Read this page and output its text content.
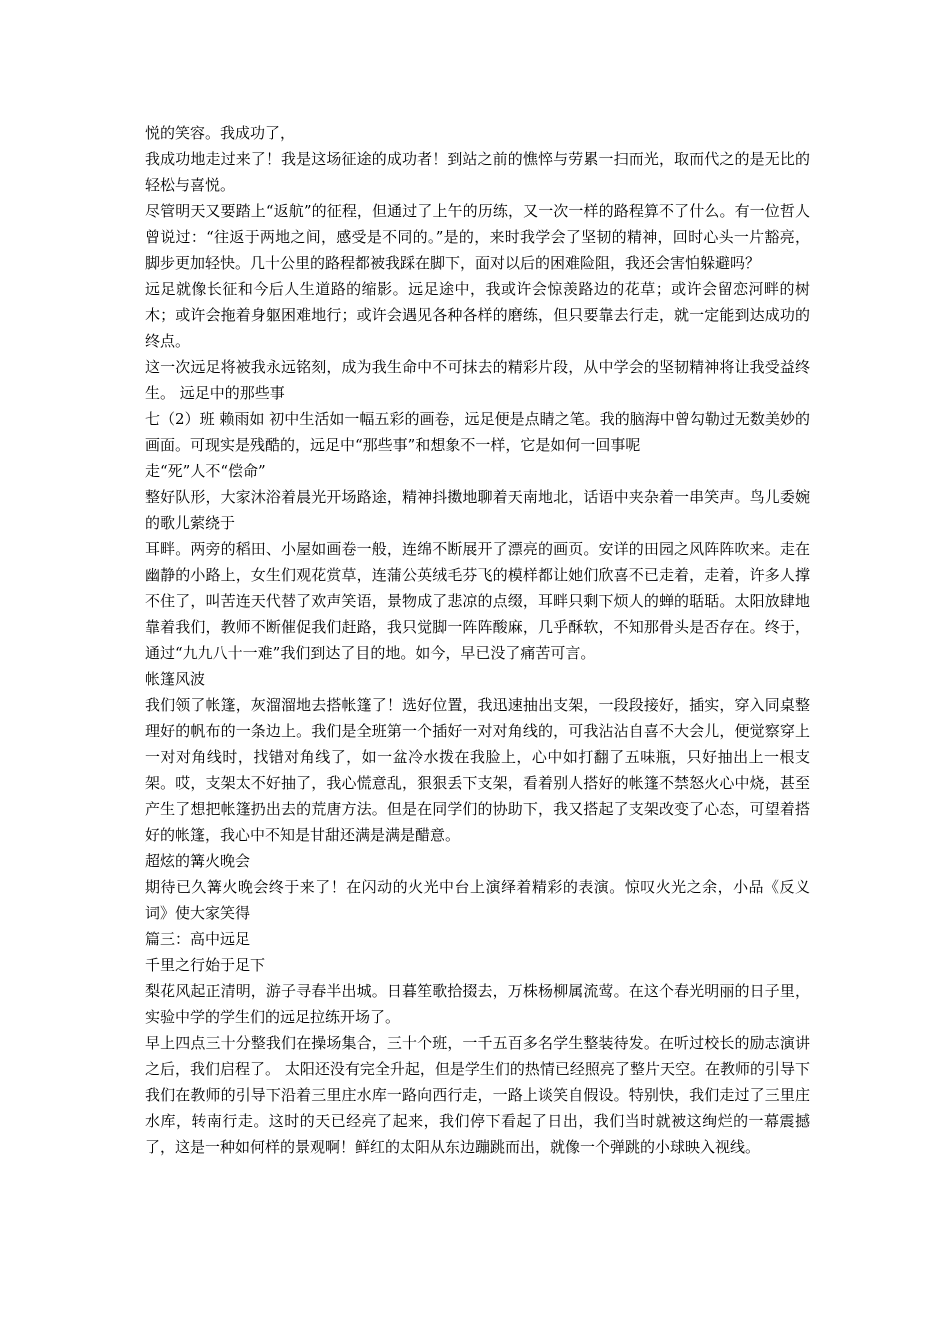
悦的笑容。我成功了，

我成功地走过来了！我是这场征途的成功者！到站之前的憔悴与劳累一扫而光，取而代之的是无比的轻松与喜悦。

尽管明天又要踏上“返航”的征程，但通过了上午的历练，又一次一样的路程算不了什么。有一位哲人曾说过：“往返于两地之间，感受是不同的。”是的，来时我学会了坚韧的精神，回时心头一片豁亮，脚步更加轻快。几十公里的路程都被我踩在脚下，面对以后的困难险阻，我还会害怕躲避吗？

远足就像长征和今后人生道路的缩影。远足途中，我或许会惊羡路边的花草；或许会留恋河畔的树木；或许会拖着身躯困难地行；或许会遇见各种各样的磨练，但只要靠去行走，就一定能到达成功的终点。

这一次远足将被我永远铭刻，成为我生命中不可抹去的精彩片段，从中学会的坚韧精神将让我受益终生。 远足中的那些事

七（2）班 赖雨如 初中生活如一幅五彩的画卷，远足便是点睛之笔。我的脑海中曾勾勒过无数美妙的画面。可现实是残酷的，远足中“那些事”和想象不一样，它是如何一回事呢

走“死”人不“偿命”

整好队形，大家沐浴着晨光开场路途，精神抖擞地聊着天南地北，话语中夹杂着一串笑声。鸟儿委婉的歌儿萦绕于

耳畔。两旁的稻田、小屋如画卷一般，连绵不断展开了漂亮的画页。安详的田园之风阵阵吹来。走在幽静的小路上，女生们观花赏草，连蒲公英绒毛芬飞的模样都让她们欣喜不已走着，走着，许多人撑不住了，叫苦连天代替了欢声笑语，景物成了悲凉的点缀，耳畔只剩下烦人的蝉的聒聒。太阳放肆地靠着我们，教师不断催促我们赶路，我只觉脚一阵阵酸麻，几乎酥软，不知那骨头是否存在。终于，通过“九九八十一难”我们到达了目的地。如今，早已没了痛苦可言。

帐篷风波

我们领了帐篷，灰溜溜地去搭帐篷了！选好位置，我迅速抽出支架，一段段接好，插实，穿入同桌整理好的帆布的一条边上。我们是全班第一个插好一对对角线的，可我沾沾自喜不大会儿，便觉察穿上一对对角线时，找错对角线了，如一盆冷水拨在我脸上，心中如打翻了五味瓶，只好抽出上一根支架。哎，支架太不好抽了，我心慌意乱，狠狠丢下支架，看着别人搭好的帐篷不禁怒火心中烧，甚至产生了想把帐篷扔出去的荒唐方法。但是在同学们的协助下，我又搭起了支架改变了心态，可望着搭好的帐篷，我心中不知是甘甜还满是满是醋意。

超炫的篝火晚会

期待已久篝火晚会终于来了！在闪动的火光中台上演绎着精彩的表演。惊叹火光之余，小品《反义词》使大家笑得

篇三：高中远足

千里之行始于足下

梨花风起正清明，游子寻春半出城。日暮笙歌拾掇去，万株杨柳属流莺。在这个春光明丽的日子里，实验中学的学生们的远足拉练开场了。

早上四点三十分整我们在操场集合，三十个班，一千五百多名学生整装待发。在听过校长的励志演讲之后，我们启程了。 太阳还没有完全升起，但是学生们的热情已经照亮了整片天空。在教师的引导下我们在教师的引导下沿着三里庄水库一路向西行走，一路上谈笑自假设。特别快，我们走过了三里庄水库，转南行走。这时的天已经亮了起来，我们停下看起了日出，我们当时就被这绚烂的一幕震撼了，这是一种如何样的景观啊！鲜红的太阳从东边蹦跳而出，就像一个弹跳的小球映入视线。
